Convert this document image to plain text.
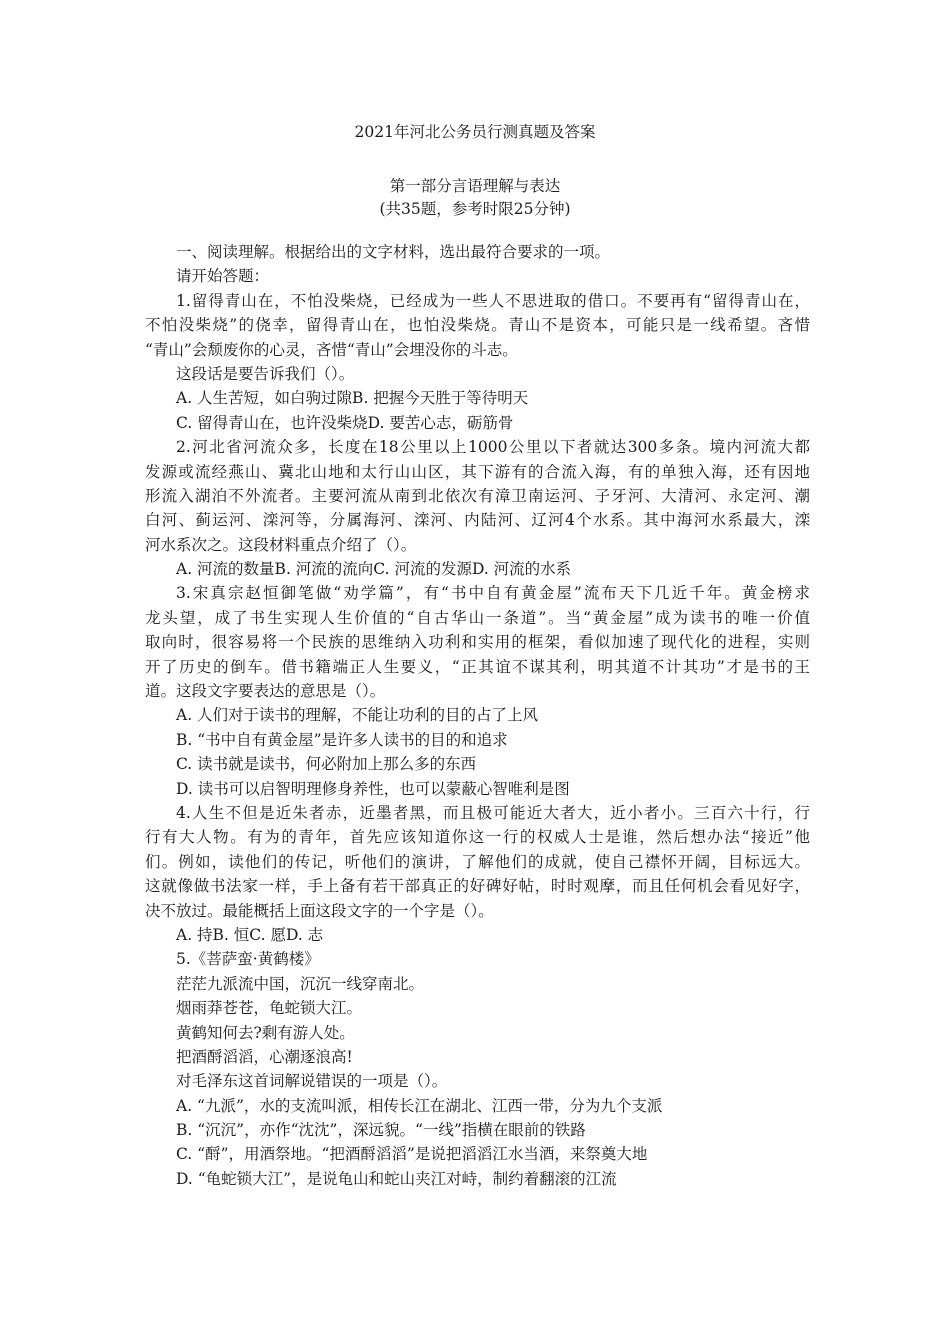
2021年河北公务员行测真题及答案
第一部分言语理解与表达
(共35题，参考时限25分钟)
一、阅读理解。根据给出的文字材料，选出最符合要求的一项。
请开始答题：
1.留得青山在，不怕没柴烧，已经成为一些人不思进取的借口。不要再有“留得青山在，
不怕没柴烧”的侥幸，留得青山在，也怕没柴烧。青山不是资本，可能只是一线希望。吝惜
“青山”会颓废你的心灵，吝惜“青山”会埋没你的斗志。
这段话是要告诉我们（）。
A. 人生苦短，如白驹过隙B. 把握今天胜于等待明天
C. 留得青山在，也许没柴烧D. 要苦心志，砺筋骨
2.河北省河流众多，长度在18公里以上1000公里以下者就达300多条。境内河流大都
发源或流经燕山、冀北山地和太行山山区，其下游有的合流入海，有的单独入海，还有因地
形流入湖泊不外流者。主要河流从南到北依次有漳卫南运河、子牙河、大清河、永定河、潮
白河、蓟运河、滦河等，分属海河、滦河、内陆河、辽河4个水系。其中海河水系最大，滦
河水系次之。这段材料重点介绍了（）。
A. 河流的数量B. 河流的流向C. 河流的发源D. 河流的水系
3.宋真宗赵恒御笔做“劝学篇”，有“书中自有黄金屋”流布天下几近千年。黄金榜求
龙头望，成了书生实现人生价值的“自古华山一条道”。当“黄金屋”成为读书的唯一价值
取向时，很容易将一个民族的思维纳入功利和实用的框架，看似加速了现代化的进程，实则
开了历史的倒车。借书籍端正人生要义，“正其谊不谋其利，明其道不计其功”才是书的王
道。这段文字要表达的意思是（）。
A. 人们对于读书的理解，不能让功利的目的占了上风
B. “书中自有黄金屋”是许多人读书的目的和追求
C. 读书就是读书，何必附加上那么多的东西
D. 读书可以启智明理修身养性，也可以蒙蔽心智唯利是图
4.人生不但是近朱者赤，近墨者黑，而且极可能近大者大，近小者小。三百六十行，行
行有大人物。有为的青年，首先应该知道你这一行的权威人士是谁，然后想办法“接近”他
们。例如，读他们的传记，听他们的演讲，了解他们的成就，使自己襟怀开阔，目标远大。
这就像做书法家一样，手上备有若干部真正的好碑好帖，时时观摩，而且任何机会看见好字，
决不放过。最能概括上面这段文字的一个字是（）。
A. 持B. 恒C. 愿D. 志
5.《菩萨蛮·黄鹤楼》
茫茫九派流中国，沉沉一线穿南北。
烟雨莽苍苍，龟蛇锁大江。
黄鹤知何去?剩有游人处。
把酒酹滔滔，心潮逐浪高!
对毛泽东这首词解说错误的一项是（）。
A. “九派”，水的支流叫派，相传长江在湖北、江西一带，分为九个支派
B. “沉沉”，亦作“沈沈”，深远貌。“一线”指横在眼前的铁路
C. “酹”，用酒祭地。“把酒酹滔滔”是说把滔滔江水当酒，来祭奠大地
D. “龟蛇锁大江”，是说龟山和蛇山夹江对峙，制约着翻滚的江流
